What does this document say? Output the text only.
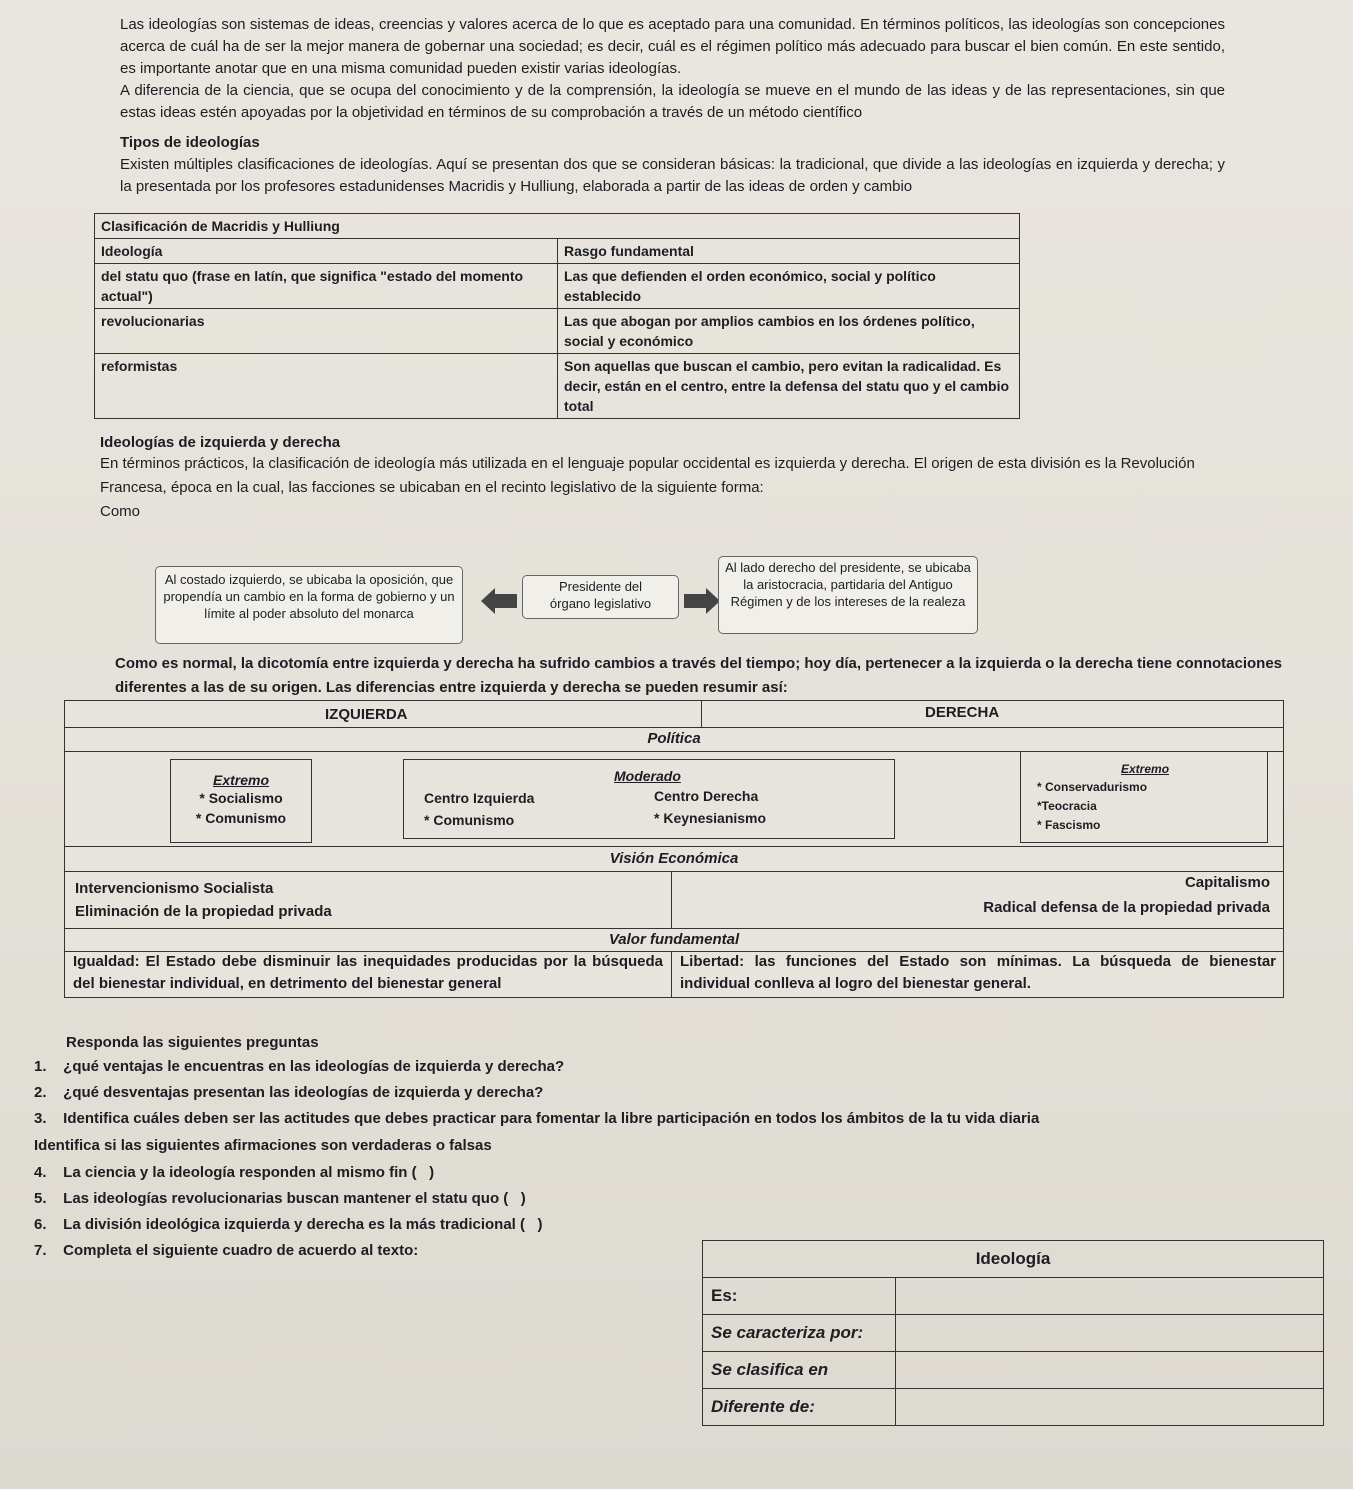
Las ideologías son sistemas de ideas, creencias y valores acerca de lo que es aceptado para una comunidad. En términos políticos, las ideologías son concepciones acerca de cuál ha de ser la mejor manera de gobernar una sociedad; es decir, cuál es el régimen político más adecuado para buscar el bien común. En este sentido, es importante anotar que en una misma comunidad pueden existir varias ideologías.

A diferencia de la ciencia, que se ocupa del conocimiento y de la comprensión, la ideología se mueve en el mundo de las ideas y de las representaciones, sin que estas ideas estén apoyadas por la objetividad en términos de su comprobación a través de un método científico

Tipos de ideologías

Existen múltiples clasificaciones de ideologías. Aquí se presentan dos que se consideran básicas: la tradicional, que divide a las ideologías en izquierda y derecha; y la presentada por los profesores estadunidenses Macridis y Hulliung, elaborada a partir de las ideas de orden y cambio

Clasificación de Macridis y Hulliung	
Ideología	Rasgo fundamental
del statu quo (frase en latín, que significa "estado del momento actual")	Las que defienden el orden económico, social y político establecido
revolucionarias	Las que abogan por amplios cambios en los órdenes político, social y económico
reformistas	Son aquellas que buscan el cambio, pero evitan la radicalidad. Es decir, están en el centro, entre la defensa del statu quo y el cambio total
Ideologías de izquierda y derecha
En términos prácticos, la clasificación de ideología más utilizada en el lenguaje popular occidental es izquierda y derecha. El origen de esta división es la Revolución Francesa, época en la cual, las facciones se ubicaban en el recinto legislativo de la siguiente forma:
Como
Al costado izquierdo, se ubicaba la oposición, que propendía un cambio en la forma de gobierno y un límite al poder absoluto del monarca
Presidente del
órgano legislativo
Al lado derecho del presidente, se ubicaba la aristocracia, partidaria del Antiguo Régimen y de los intereses de la realeza
Como es normal, la dicotomía entre izquierda y derecha ha sufrido cambios a través del tiempo; hoy día, pertenecer a la izquierda o la derecha tiene connotaciones diferentes a las de su origen. Las diferencias entre izquierda y derecha se pueden resumir así:
IZQUIERDA	DERECHA
Política
Extremo
* Socialismo
* Comunismo
Moderado
Centro Izquierda
* Comunismo
Centro Derecha
* Keynesianismo
Extremo
* Conservadurismo
*Teocracia
* Fascismo
Visión Económica
Intervencionismo Socialista
Eliminación de la propiedad privada
Capitalismo
Radical defensa de la propiedad privada
Valor fundamental
Igualdad: El Estado debe disminuir las inequidades producidas por la búsqueda del bienestar individual, en detrimento del bienestar general
Libertad: las funciones del Estado son mínimas. La búsqueda de bienestar individual conlleva al logro del bienestar general.
Responda las siguientes preguntas
1.    ¿qué ventajas le encuentras en las ideologías de izquierda y derecha?
2.    ¿qué desventajas presentan las ideologías de izquierda y derecha?
3.    Identifica cuáles deben ser las actitudes que debes practicar para fomentar la libre participación en todos los ámbitos de la tu vida diaria
Identifica si las siguientes afirmaciones son verdaderas o falsas
4.    La ciencia y la ideología responden al mismo fin (   )
5.    Las ideologías revolucionarias buscan mantener el statu quo (   )
6.    La división ideológica izquierda y derecha es la más tradicional (   )
7.    Completa el siguiente cuadro de acuerdo al texto:	Ideología	
Es:	
Se caracteriza por:	
Se clasifica en	
Diferente de:	
